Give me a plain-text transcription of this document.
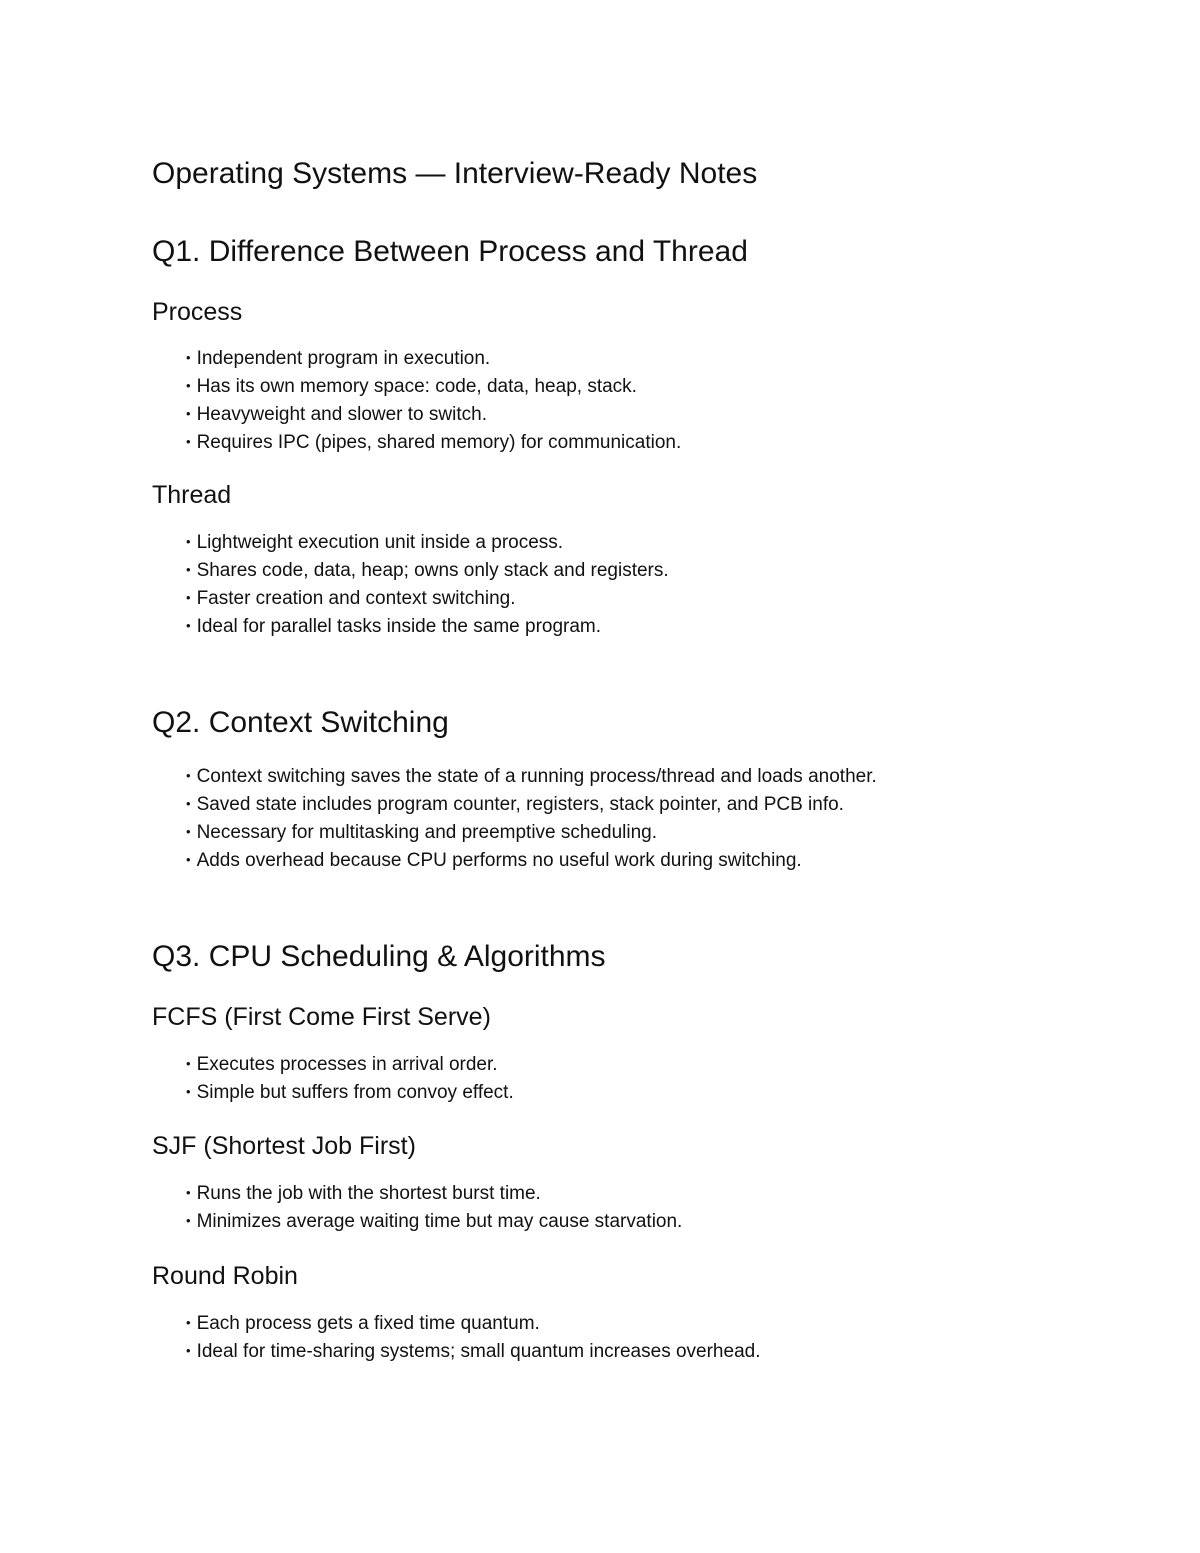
Operating Systems — Interview-Ready Notes
Q1. Difference Between Process and Thread
Process
• Independent program in execution.
• Has its own memory space: code, data, heap, stack.
• Heavyweight and slower to switch.
• Requires IPC (pipes, shared memory) for communication.
Thread
• Lightweight execution unit inside a process.
• Shares code, data, heap; owns only stack and registers.
• Faster creation and context switching.
• Ideal for parallel tasks inside the same program.
Q2. Context Switching
• Context switching saves the state of a running process/thread and loads another.
• Saved state includes program counter, registers, stack pointer, and PCB info.
• Necessary for multitasking and preemptive scheduling.
• Adds overhead because CPU performs no useful work during switching.
Q3. CPU Scheduling & Algorithms
FCFS (First Come First Serve)
• Executes processes in arrival order.
• Simple but suffers from convoy effect.
SJF (Shortest Job First)
• Runs the job with the shortest burst time.
• Minimizes average waiting time but may cause starvation.
Round Robin
• Each process gets a fixed time quantum.
• Ideal for time-sharing systems; small quantum increases overhead.
